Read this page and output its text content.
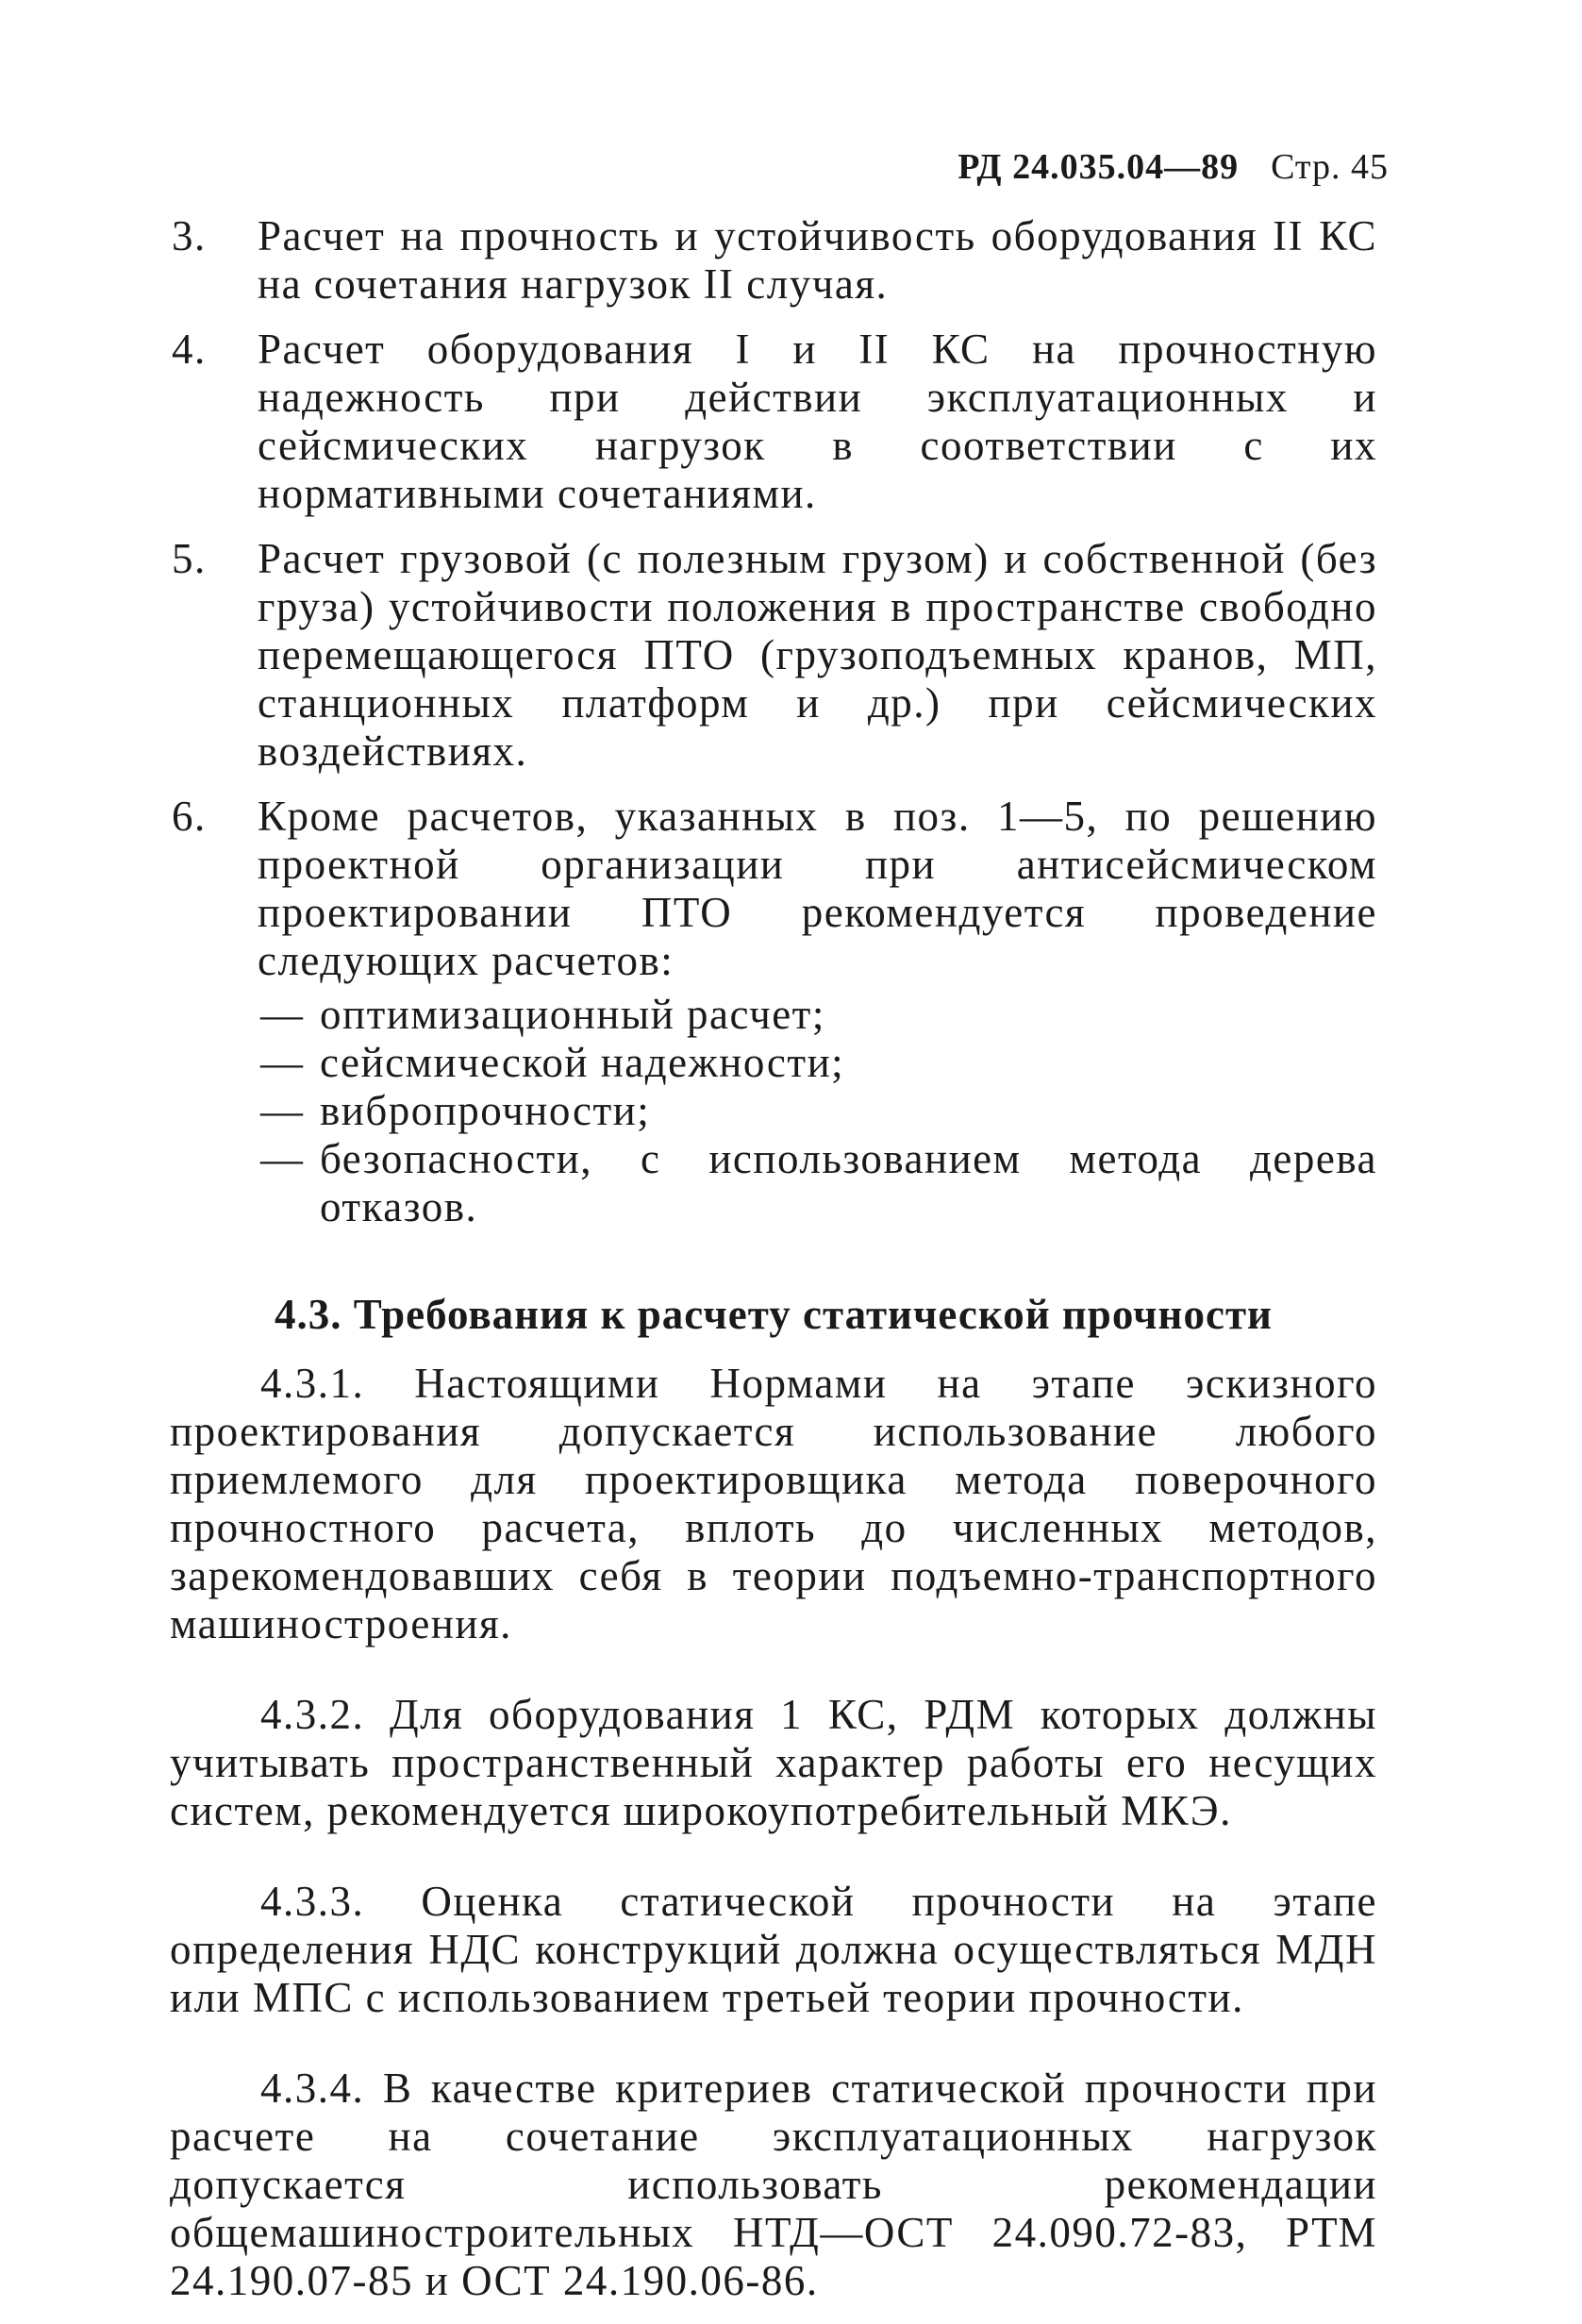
РД 24.035.04—89 Стр. 45
3. Расчет на прочность и устойчивость оборудования II КС на сочетания нагрузок II случая.
4. Расчет оборудования I и II КС на прочностную надежность при действии эксплуатационных и сейсмических нагрузок в соответствии с их нормативными сочетаниями.
5. Расчет грузовой (с полезным грузом) и собственной (без груза) устойчивости положения в пространстве свободно перемещающегося ПТО (грузоподъемных кранов, МП, станционных платформ и др.) при сейсмических воздействиях.
6. Кроме расчетов, указанных в поз. 1—5, по решению проектной организации при антисейсмическом проектировании ПТО рекомендуется проведение следующих расчетов:
— оптимизационный расчет;
— сейсмической надежности;
— вибропрочности;
— безопасности, с использованием метода дерева отказов.
4.3. Требования к расчету статической прочности

4.3.1. Настоящими Нормами на этапе эскизного проектирования допускается использование любого приемлемого для проектировщика метода поверочного прочностного расчета, вплоть до численных методов, зарекомендовавших себя в теории подъемно-транспортного машиностроения.

4.3.2. Для оборудования 1 КС, РДМ которых должны учитывать пространственный характер работы его несущих систем, рекомендуется широкоупотребительный МКЭ.

4.3.3. Оценка статической прочности на этапе определения НДС конструкций должна осуществляться МДН или МПС с использованием третьей теории прочности.

4.3.4. В качестве критериев статической прочности при расчете на сочетание эксплуатационных нагрузок допускается использовать рекомендации общемашиностроительных НТД—ОСТ 24.090.72-83, РТМ 24.190.07-85 и ОСТ 24.190.06-86.
